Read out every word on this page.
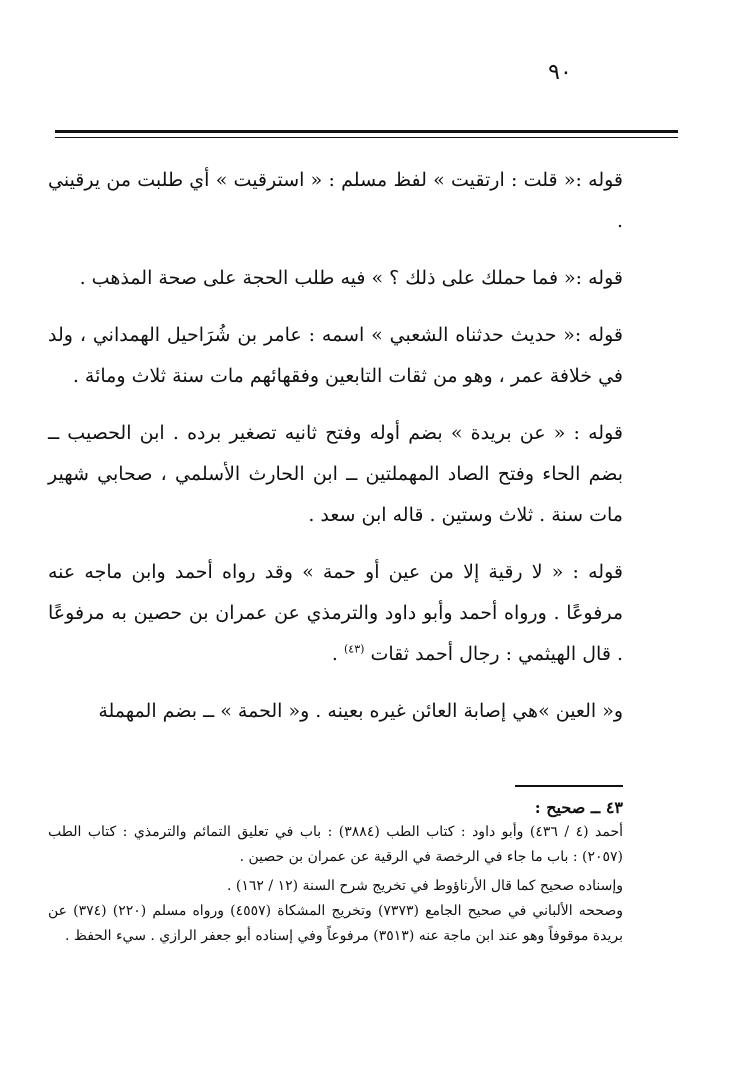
٩٠

قوله :« قلت : ارتقيت » لفظ مسلم : « استرقيت » أي طلبت من يرقيني .

قوله :« فما حملك على ذلك ؟ » فيه طلب الحجة على صحة المذهب .

قوله :« حديث حدثناه الشعبي » اسمه : عامر بن شُرَاحيل الهمداني ، ولد في خلافة عمر ، وهو من ثقات التابعين وفقهائهم مات سنة ثلاث ومائة .

قوله : « عن بريدة » بضم أوله وفتح ثانيه تصغير برده . ابن الحصيب ــ بضم الحاء وفتح الصاد المهملتين ــ ابن الحارث الأسلمي ، صحابي شهير مات سنة . ثلاث وستين . قاله ابن سعد .

قوله : « لا رقية إلا من عين أو حمة » وقد رواه أحمد وابن ماجه عنه مرفوعًا . ورواه أحمد وأبو داود والترمذي عن عمران بن حصين به مرفوعًا . قال الهيثمي : رجال أحمد ثقات $^{(٤٣)}$ .

و« العين »هي إصابة العائن غيره بعينه . و« الحمة » ــ بضم المهملة

٤٣ ــ صحيح :

أحمد (٤ / ٤٣٦) وأبو داود : كتاب الطب (٣٨٨٤) : باب في تعليق التمائم والترمذي : كتاب الطب (٢٠٥٧) : باب ما جاء في الرخصة في الرقية عن عمران بن حصين .

وإسناده صحيح كما قال الأرناؤوط في تخريج شرح السنة (١٢ / ١٦٢) .

وصححه الألباني في صحيح الجامع (٧٣٧٣) وتخريج المشكاة (٤٥٥٧) ورواه مسلم (٢٢٠) (٣٧٤) عن بريدة موقوفاً وهو عند ابن ماجة عنه (٣٥١٣) مرفوعاً وفي إسناده أبو جعفر الرازي . سيء الحفظ .
